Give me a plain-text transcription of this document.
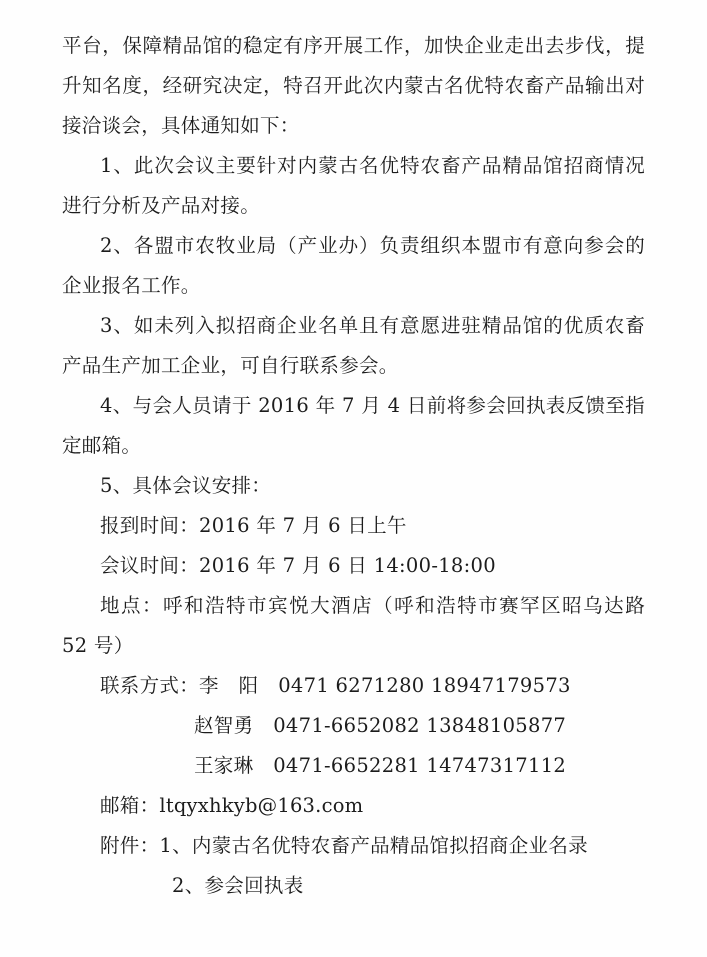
平台，保障精品馆的稳定有序开展工作，加快企业走出去步伐，提升知名度，经研究决定，特召开此次内蒙古名优特农畜产品输出对接洽谈会，具体通知如下：

1、此次会议主要针对内蒙古名优特农畜产品精品馆招商情况进行分析及产品对接。

2、各盟市农牧业局（产业办）负责组织本盟市有意向参会的企业报名工作。

3、如未列入拟招商企业名单且有意愿进驻精品馆的优质农畜产品生产加工企业，可自行联系参会。

4、与会人员请于 2016 年 7 月 4 日前将参会回执表反馈至指定邮箱。

5、具体会议安排：

报到时间：2016 年 7 月 6 日上午

会议时间：2016 年 7 月 6 日 14:00-18:00

地点：呼和浩特市宾悦大酒店（呼和浩特市赛罕区昭乌达路 52 号）

联系方式：李　阳　0471 6271280 18947179573

赵智勇　0471-6652082 13848105877

王家琳　0471-6652281 14747317112

邮箱：ltqyxhkyb@163.com

附件：1、内蒙古名优特农畜产品精品馆拟招商企业名录

2、参会回执表
